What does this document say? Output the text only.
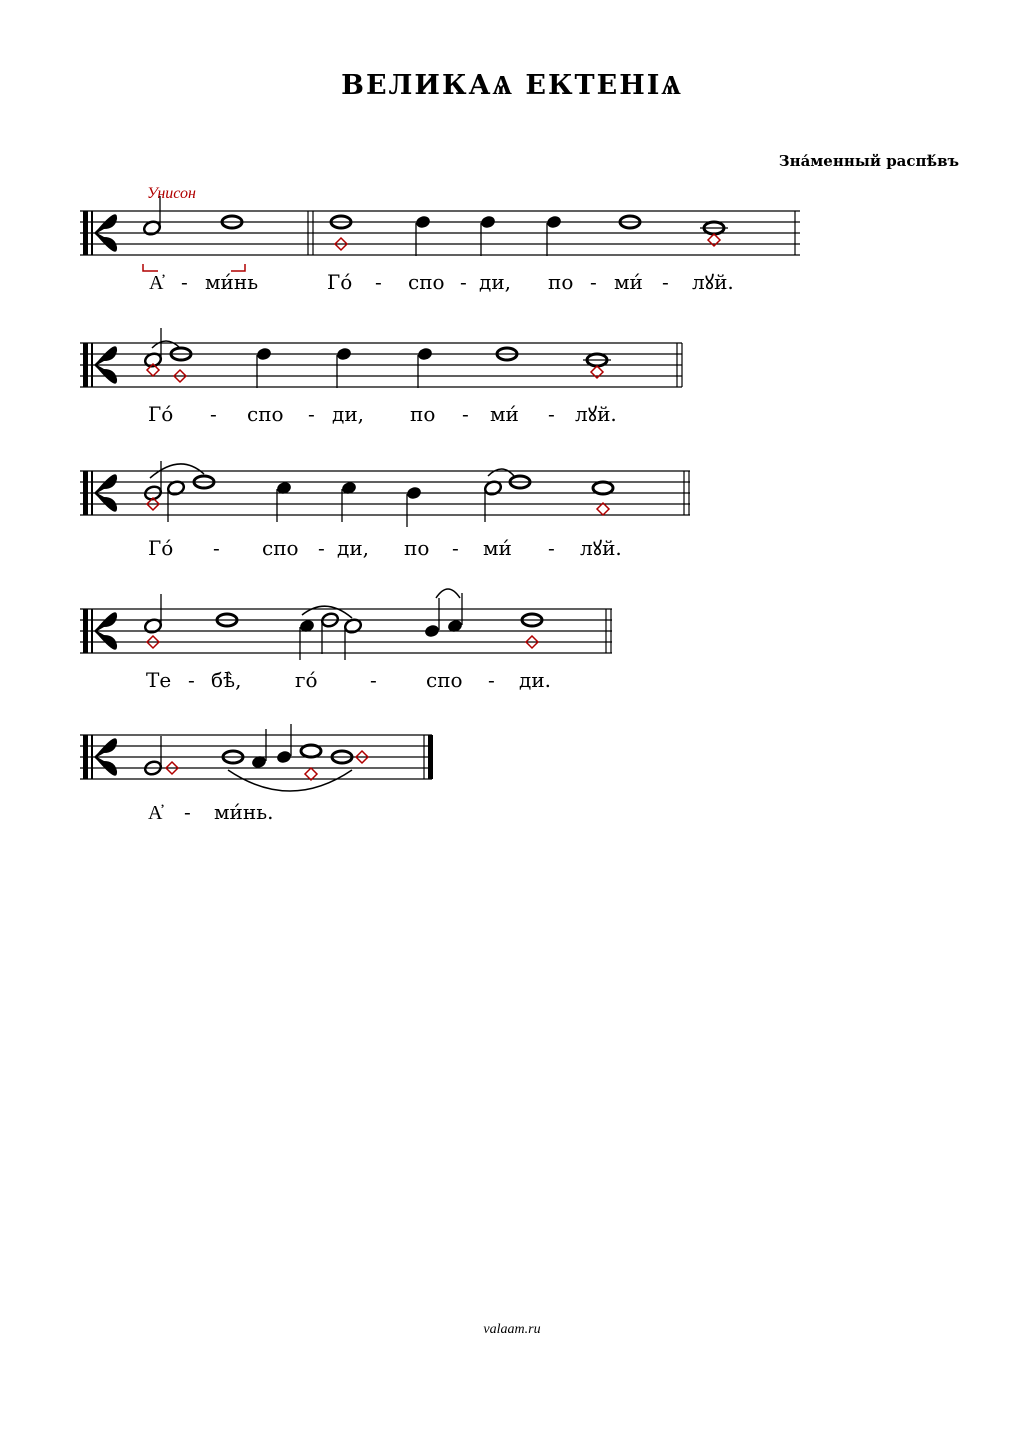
ВЕЛИКАѦ ЕКТЕНІѦ
Зна́менный распѣ́въ
valaam.ru
Унисон
А҆ - ми́нь	Го́ - спо - ди, по - ми́ - лꙋй.
Го́ - спо - ди, по - ми́ - лꙋй.
Го́ - спо - ди, по - ми́ - лꙋй.
Те - бѣ̀,	го́	- спо - ди.
А҆ - ми́нь.
